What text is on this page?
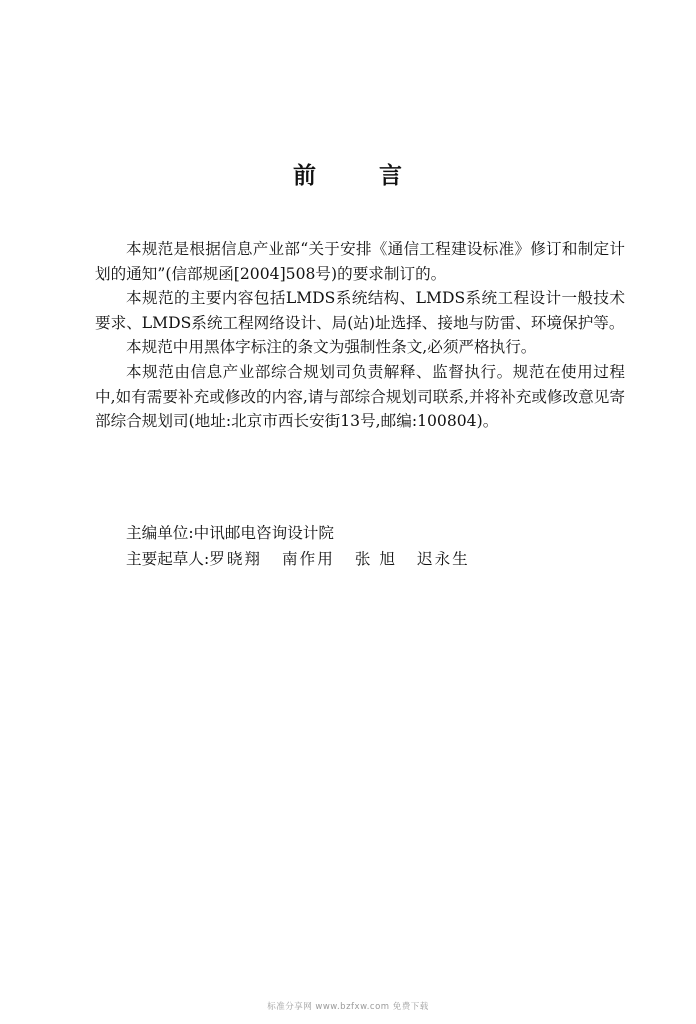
前	言

本规范是根据信息产业部“关于安排《通信工程建设标准》修订和制定计划的通知”(信部规函[2004]508号)的要求制订的。

本规范的主要内容包括LMDS系统结构、LMDS系统工程设计一般技术要求、LMDS系统工程网络设计、局(站)址选择、接地与防雷、环境保护等。

本规范中用黑体字标注的条文为强制性条文,必须严格执行。

本规范由信息产业部综合规划司负责解释、监督执行。规范在使用过程中,如有需要补充或修改的内容,请与部综合规划司联系,并将补充或修改意见寄部综合规划司(地址:北京市西长安街13号,邮编:100804)。

主编单位:中讯邮电咨询设计院
主要起草人:罗晓翔 南作用 张 旭 迟永生
标准分享网 www.bzfxw.com 免费下载
